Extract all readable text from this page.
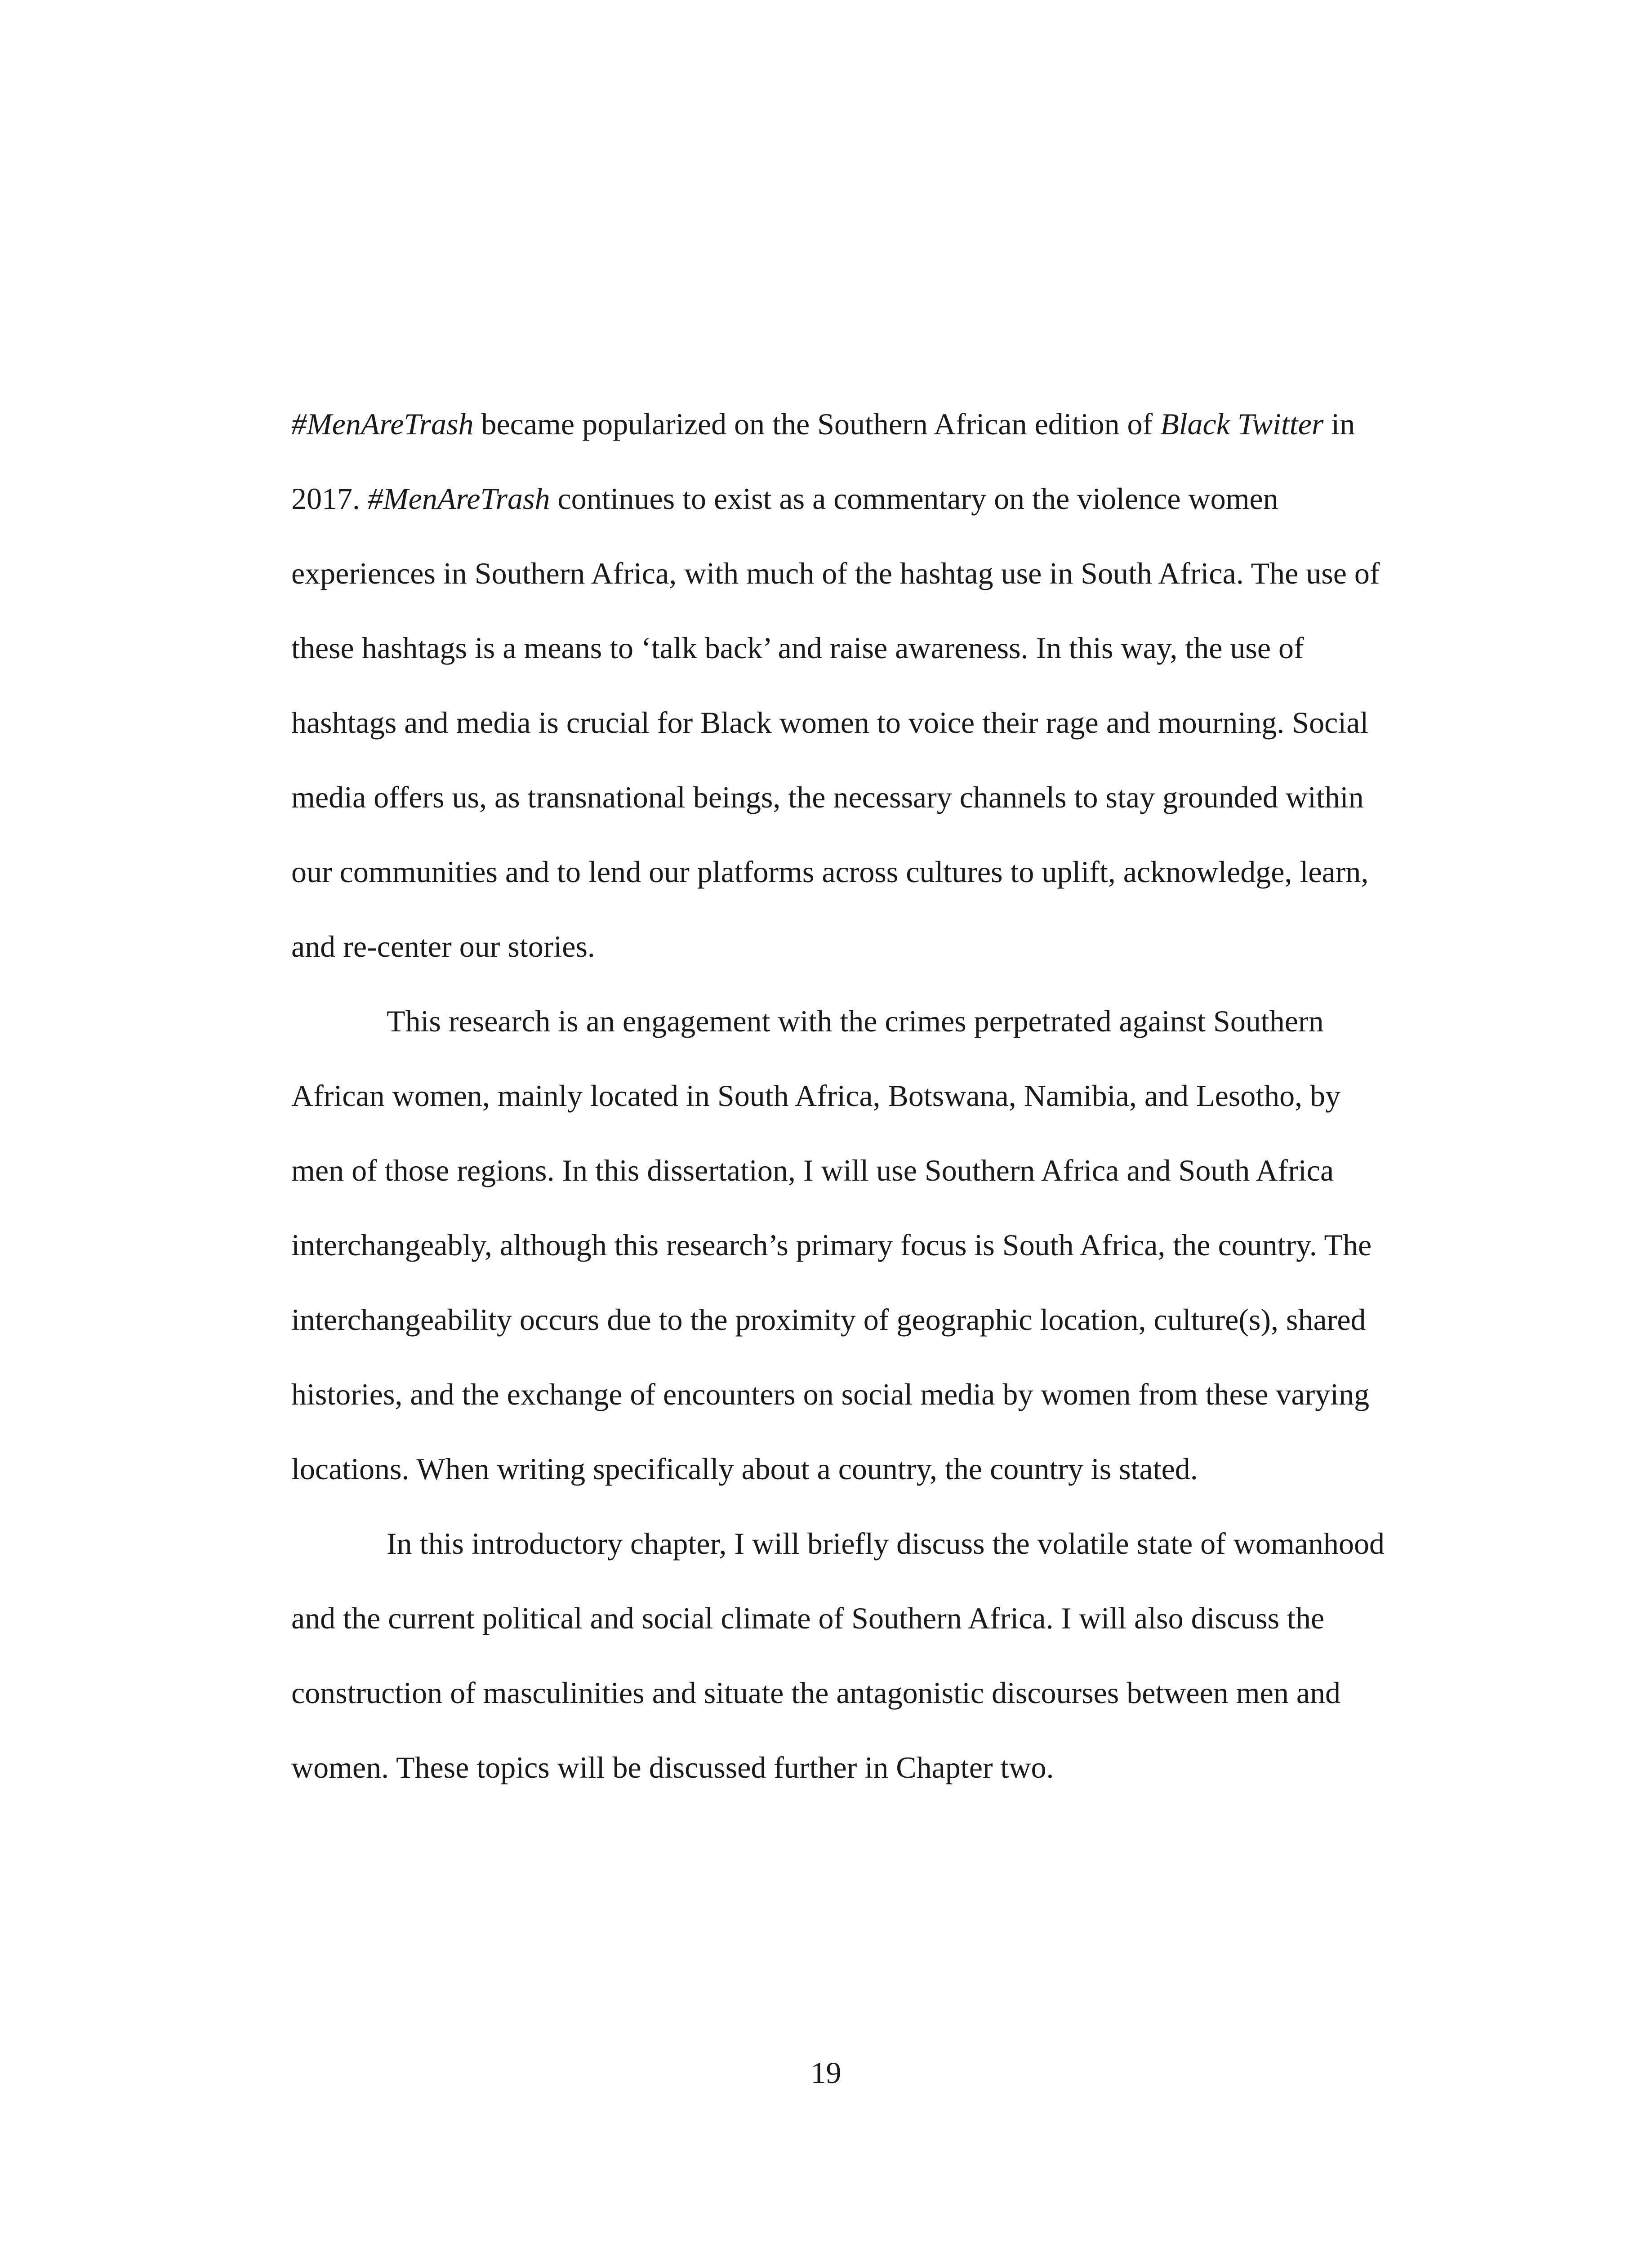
#MenAreTrash became popularized on the Southern African edition of Black Twitter in
2017. #MenAreTrash continues to exist as a commentary on the violence women
experiences in Southern Africa, with much of the hashtag use in South Africa. The use of
these hashtags is a means to ‘talk back’ and raise awareness. In this way, the use of
hashtags and media is crucial for Black women to voice their rage and mourning. Social
media offers us, as transnational beings, the necessary channels to stay grounded within
our communities and to lend our platforms across cultures to uplift, acknowledge, learn,
and re-center our stories.
This research is an engagement with the crimes perpetrated against Southern
African women, mainly located in South Africa, Botswana, Namibia, and Lesotho, by
men of those regions. In this dissertation, I will use Southern Africa and South Africa
interchangeably, although this research’s primary focus is South Africa, the country. The
interchangeability occurs due to the proximity of geographic location, culture(s), shared
histories, and the exchange of encounters on social media by women from these varying
locations. When writing specifically about a country, the country is stated.
In this introductory chapter, I will briefly discuss the volatile state of womanhood
and the current political and social climate of Southern Africa. I will also discuss the
construction of masculinities and situate the antagonistic discourses between men and
women. These topics will be discussed further in Chapter two.
19
